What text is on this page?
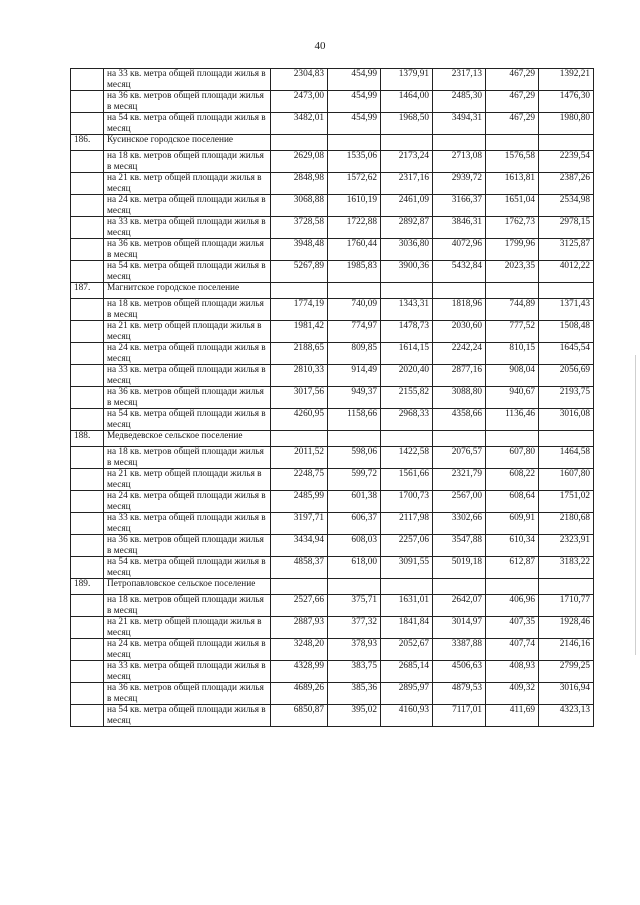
40
	на 33 кв. метра общей площади жилья в месяц	2304,83	454,99	1379,91	2317,13	467,29	1392,21
	на 36 кв. метров общей площади жилья в месяц	2473,00	454,99	1464,00	2485,30	467,29	1476,30
	на 54 кв. метра общей площади жилья в месяц	3482,01	454,99	1968,50	3494,31	467,29	1980,80
186.	Кусинское городское поселение						
	на 18 кв. метров общей площади жилья в месяц	2629,08	1535,06	2173,24	2713,08	1576,58	2239,54
	на 21 кв. метр общей площади жилья в месяц	2848,98	1572,62	2317,16	2939,72	1613,81	2387,26
	на 24 кв. метра общей площади жилья в месяц	3068,88	1610,19	2461,09	3166,37	1651,04	2534,98
	на 33 кв. метра общей площади жилья в месяц	3728,58	1722,88	2892,87	3846,31	1762,73	2978,15
	на 36 кв. метров общей площади жилья в месяц	3948,48	1760,44	3036,80	4072,96	1799,96	3125,87
	на 54 кв. метра общей площади жилья в месяц	5267,89	1985,83	3900,36	5432,84	2023,35	4012,22
187.	Магнитское городское поселение						
	на 18 кв. метров общей площади жилья в месяц	1774,19	740,09	1343,31	1818,96	744,89	1371,43
	на 21 кв. метр общей площади жилья в месяц	1981,42	774,97	1478,73	2030,60	777,52	1508,48
	на 24 кв. метра общей площади жилья в месяц	2188,65	809,85	1614,15	2242,24	810,15	1645,54
	на 33 кв. метра общей площади жилья в месяц	2810,33	914,49	2020,40	2877,16	908,04	2056,69
	на 36 кв. метров общей площади жилья в месяц	3017,56	949,37	2155,82	3088,80	940,67	2193,75
	на 54 кв. метра общей площади жилья в месяц	4260,95	1158,66	2968,33	4358,66	1136,46	3016,08
188.	Медведевское сельское поселение						
	на 18 кв. метров общей площади жилья в месяц	2011,52	598,06	1422,58	2076,57	607,80	1464,58
	на 21 кв. метр общей площади жилья в месяц	2248,75	599,72	1561,66	2321,79	608,22	1607,80
	на 24 кв. метра общей площади жилья в месяц	2485,99	601,38	1700,73	2567,00	608,64	1751,02
	на 33 кв. метра общей площади жилья в месяц	3197,71	606,37	2117,98	3302,66	609,91	2180,68
	на 36 кв. метров общей площади жилья в месяц	3434,94	608,03	2257,06	3547,88	610,34	2323,91
	на 54 кв. метра общей площади жилья в месяц	4858,37	618,00	3091,55	5019,18	612,87	3183,22
189.	Петропавловское сельское поселение						
	на 18 кв. метров общей площади жилья в месяц	2527,66	375,71	1631,01	2642,07	406,96	1710,77
	на 21 кв. метр общей площади жилья в месяц	2887,93	377,32	1841,84	3014,97	407,35	1928,46
	на 24 кв. метра общей площади жилья в месяц	3248,20	378,93	2052,67	3387,88	407,74	2146,16
	на 33 кв. метра общей площади жилья в месяц	4328,99	383,75	2685,14	4506,63	408,93	2799,25
	на 36 кв. метров общей площади жилья в месяц	4689,26	385,36	2895,97	4879,53	409,32	3016,94
	на 54 кв. метра общей площади жилья в месяц	6850,87	395,02	4160,93	7117,01	411,69	4323,13
